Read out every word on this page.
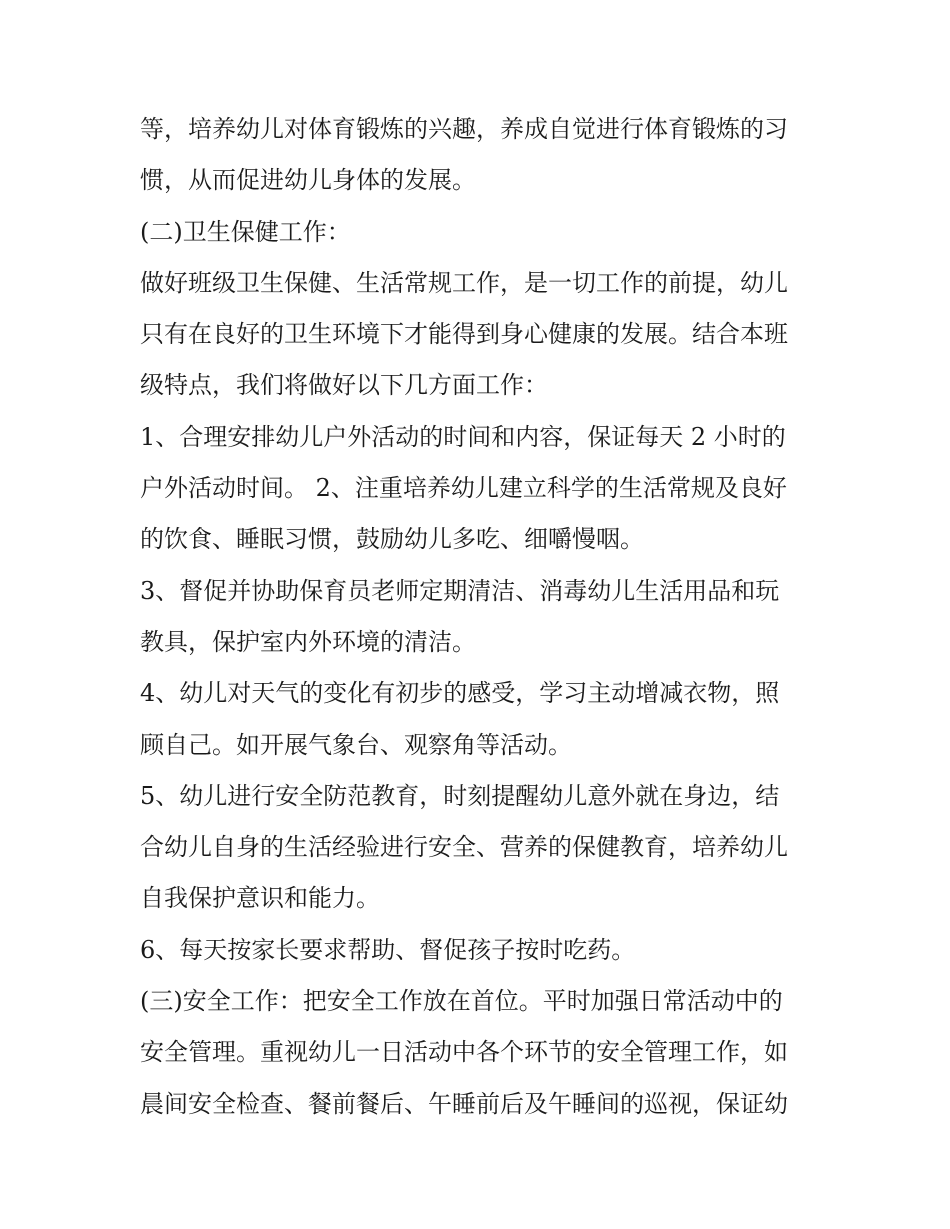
等，培养幼儿对体育锻炼的兴趣，养成自觉进行体育锻炼的习
惯，从而促进幼儿身体的发展。
(二)卫生保健工作：
做好班级卫生保健、生活常规工作，是一切工作的前提，幼儿
只有在良好的卫生环境下才能得到身心健康的发展。结合本班
级特点，我们将做好以下几方面工作：
1、合理安排幼儿户外活动的时间和内容，保证每天 2 小时的
户外活动时间。 2、注重培养幼儿建立科学的生活常规及良好
的饮食、睡眠习惯，鼓励幼儿多吃、细嚼慢咽。
3、督促并协助保育员老师定期清洁、消毒幼儿生活用品和玩
教具，保护室内外环境的清洁。
4、幼儿对天气的变化有初步的感受，学习主动增减衣物，照
顾自己。如开展气象台、观察角等活动。
5、幼儿进行安全防范教育，时刻提醒幼儿意外就在身边，结
合幼儿自身的生活经验进行安全、营养的保健教育，培养幼儿
自我保护意识和能力。
6、每天按家长要求帮助、督促孩子按时吃药。
(三)安全工作：把安全工作放在首位。平时加强日常活动中的
安全管理。重视幼儿一日活动中各个环节的安全管理工作，如
晨间安全检查、餐前餐后、午睡前后及午睡间的巡视，保证幼
